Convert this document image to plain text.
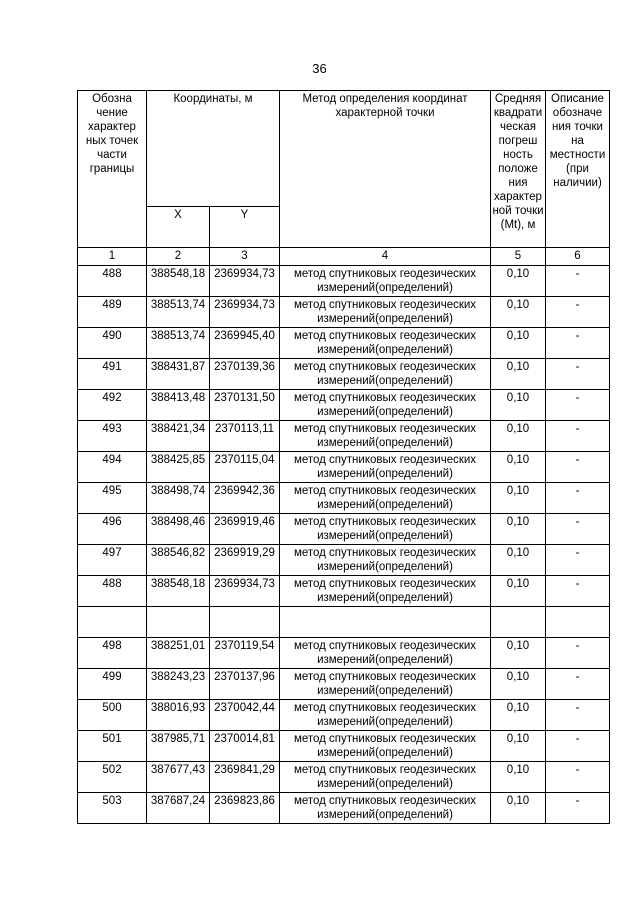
36
Обозна чение характер ных точек части границы	Координаты, м		Метод определения координат характерной точки	Средняя квадрати ческая погреш ность положе ния характер ной точки (Mt), м	Описание обозначе ния точки на местности (при наличии)
	X	Y			
1	2	3	4	5	6
488	388548,18	2369934,73	метод спутниковых геодезических измерений(определений)	0,10	-
489	388513,74	2369934,73	метод спутниковых геодезических измерений(определений)	0,10	-
490	388513,74	2369945,40	метод спутниковых геодезических измерений(определений)	0,10	-
491	388431,87	2370139,36	метод спутниковых геодезических измерений(определений)	0,10	-
492	388413,48	2370131,50	метод спутниковых геодезических измерений(определений)	0,10	-
493	388421,34	2370113,11	метод спутниковых геодезических измерений(определений)	0,10	-
494	388425,85	2370115,04	метод спутниковых геодезических измерений(определений)	0,10	-
495	388498,74	2369942,36	метод спутниковых геодезических измерений(определений)	0,10	-
496	388498,46	2369919,46	метод спутниковых геодезических измерений(определений)	0,10	-
497	388546,82	2369919,29	метод спутниковых геодезических измерений(определений)	0,10	-
488	388548,18	2369934,73	метод спутниковых геодезических измерений(определений)	0,10	-

498	388251,01	2370119,54	метод спутниковых геодезических измерений(определений)	0,10	-
499	388243,23	2370137,96	метод спутниковых геодезических измерений(определений)	0,10	-
500	388016,93	2370042,44	метод спутниковых геодезических измерений(определений)	0,10	-
501	387985,71	2370014,81	метод спутниковых геодезических измерений(определений)	0,10	-
502	387677,43	2369841,29	метод спутниковых геодезических измерений(определений)	0,10	-
503	387687,24	2369823,86	метод спутниковых геодезических измерений(определений)	0,10	-
